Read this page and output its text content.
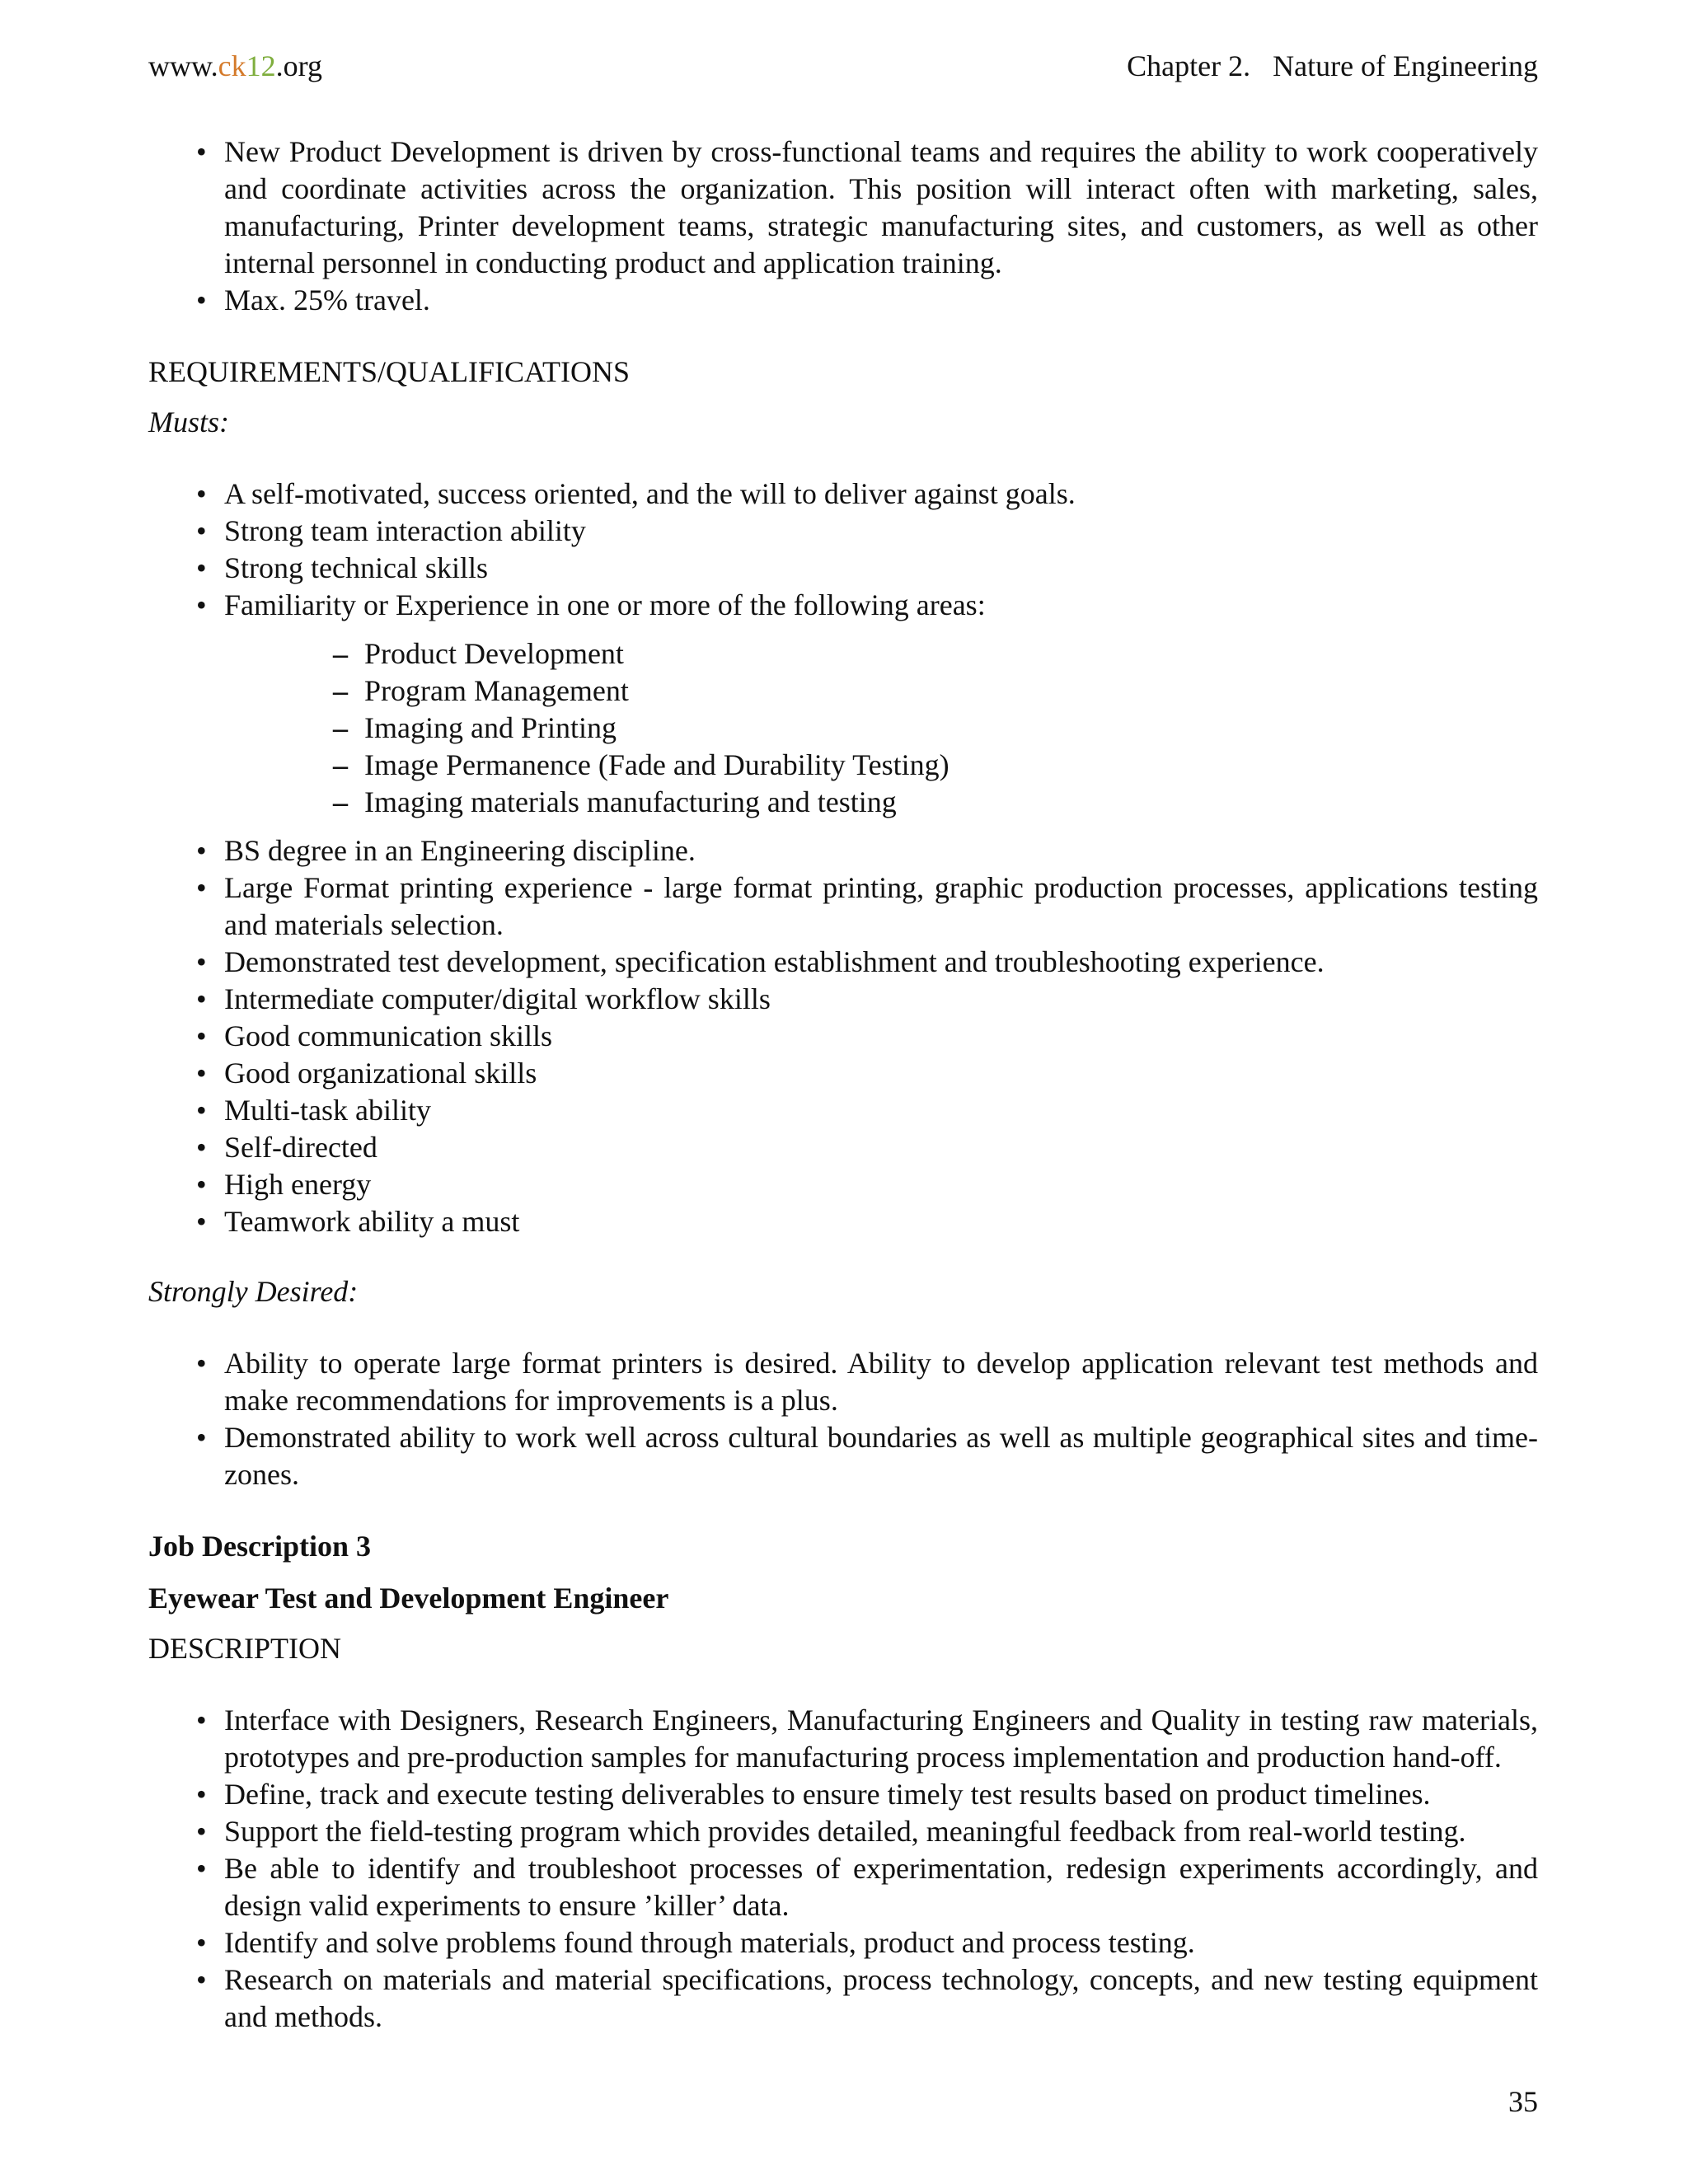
www.ck12.org	Chapter 2.   Nature of Engineering
• New Product Development is driven by cross-functional teams and requires the ability to work cooperatively and coordinate activities across the organization. This position will interact often with marketing, sales, manufacturing, Printer development teams, strategic manufacturing sites, and customers, as well as other internal personnel in conducting product and application training.
• Max. 25% travel.
REQUIREMENTS/QUALIFICATIONS
Musts:
• A self-motivated, success oriented, and the will to deliver against goals.
• Strong team interaction ability
• Strong technical skills
• Familiarity or Experience in one or more of the following areas:
– Product Development
– Program Management
– Imaging and Printing
– Image Permanence (Fade and Durability Testing)
– Imaging materials manufacturing and testing
• BS degree in an Engineering discipline.
• Large Format printing experience - large format printing, graphic production processes, applications testing and materials selection.
• Demonstrated test development, specification establishment and troubleshooting experience.
• Intermediate computer/digital workflow skills
• Good communication skills
• Good organizational skills
• Multi-task ability
• Self-directed
• High energy
• Teamwork ability a must
Strongly Desired:
• Ability to operate large format printers is desired. Ability to develop application relevant test methods and make recommendations for improvements is a plus.
• Demonstrated ability to work well across cultural boundaries as well as multiple geographical sites and time-zones.
Job Description 3
Eyewear Test and Development Engineer
DESCRIPTION
• Interface with Designers, Research Engineers, Manufacturing Engineers and Quality in testing raw materials, prototypes and pre-production samples for manufacturing process implementation and production hand-off.
• Define, track and execute testing deliverables to ensure timely test results based on product timelines.
• Support the field-testing program which provides detailed, meaningful feedback from real-world testing.
• Be able to identify and troubleshoot processes of experimentation, redesign experiments accordingly, and design valid experiments to ensure ’killer’ data.
• Identify and solve problems found through materials, product and process testing.
• Research on materials and material specifications, process technology, concepts, and new testing equipment and methods.
35
